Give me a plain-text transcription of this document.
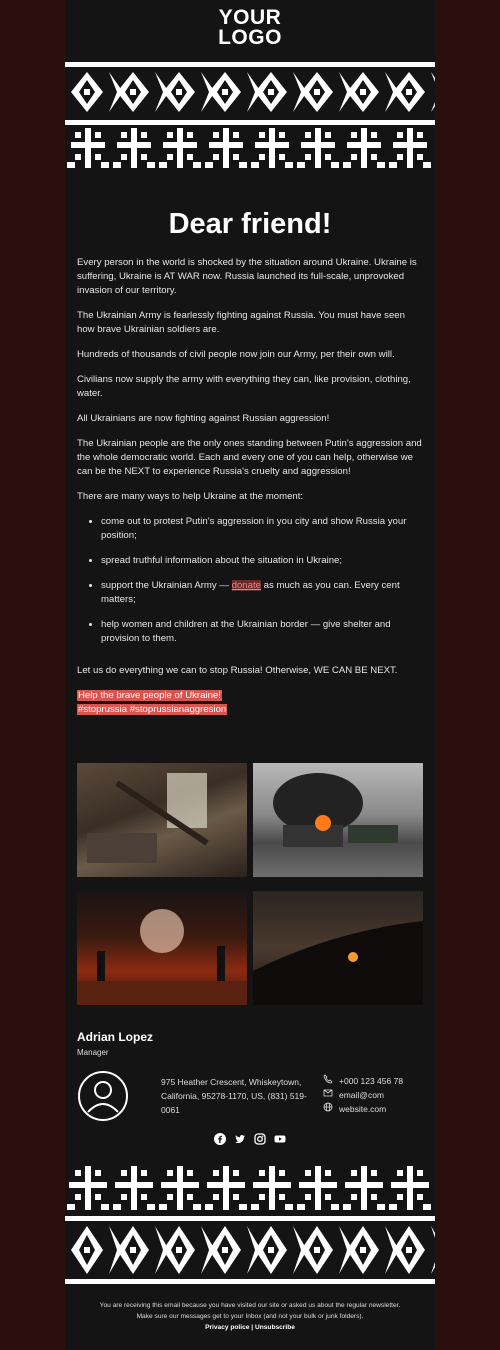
YOUR
LOGO
Dear friend!

Every person in the world is shocked by the situation around Ukraine. Ukraine is suffering, Ukraine is AT WAR now. Russia launched its full-scale, unprovoked invasion of our territory.

The Ukrainian Army is fearlessly fighting against Russia. You must have seen how brave Ukrainian soldiers are.

Hundreds of thousands of civil people now join our Army, per their own will.

Civilians now supply the army with everything they can, like provision, clothing, water.

All Ukrainians are now fighting against Russian aggression!

The Ukrainian people are the only ones standing between Putin's aggression and the whole democratic world. Each and every one of you can help, otherwise we can be the NEXT to experience Russia's cruelty and aggression!

There are many ways to help Ukraine at the moment:

• come out to protest Putin’s aggression in you city and show Russia your position;
• spread truthful information about the situation in Ukraine;
• support the Ukrainian Army — donate as much as you can. Every cent matters;
• help women and children at the Ukrainian border — give shelter and provision to them.

Let us do everything we can to stop Russia! Otherwise, WE CAN BE NEXT.

Help the brave people of Ukraine!
#stoprussia #stoprussianaggresion

Adrian Lopez
Manager
975 Heather Crescent, Whiskeytown, California, 95278-1170, US, (831) 519-0061
+000 123 456 78
email@com
website.com
You are receiving this email because you have visited our site or asked us about the regular newsletter.
Make sure our messages get to your Inbox (and not your bulk or junk folders).
Privacy police | Unsubscribe
